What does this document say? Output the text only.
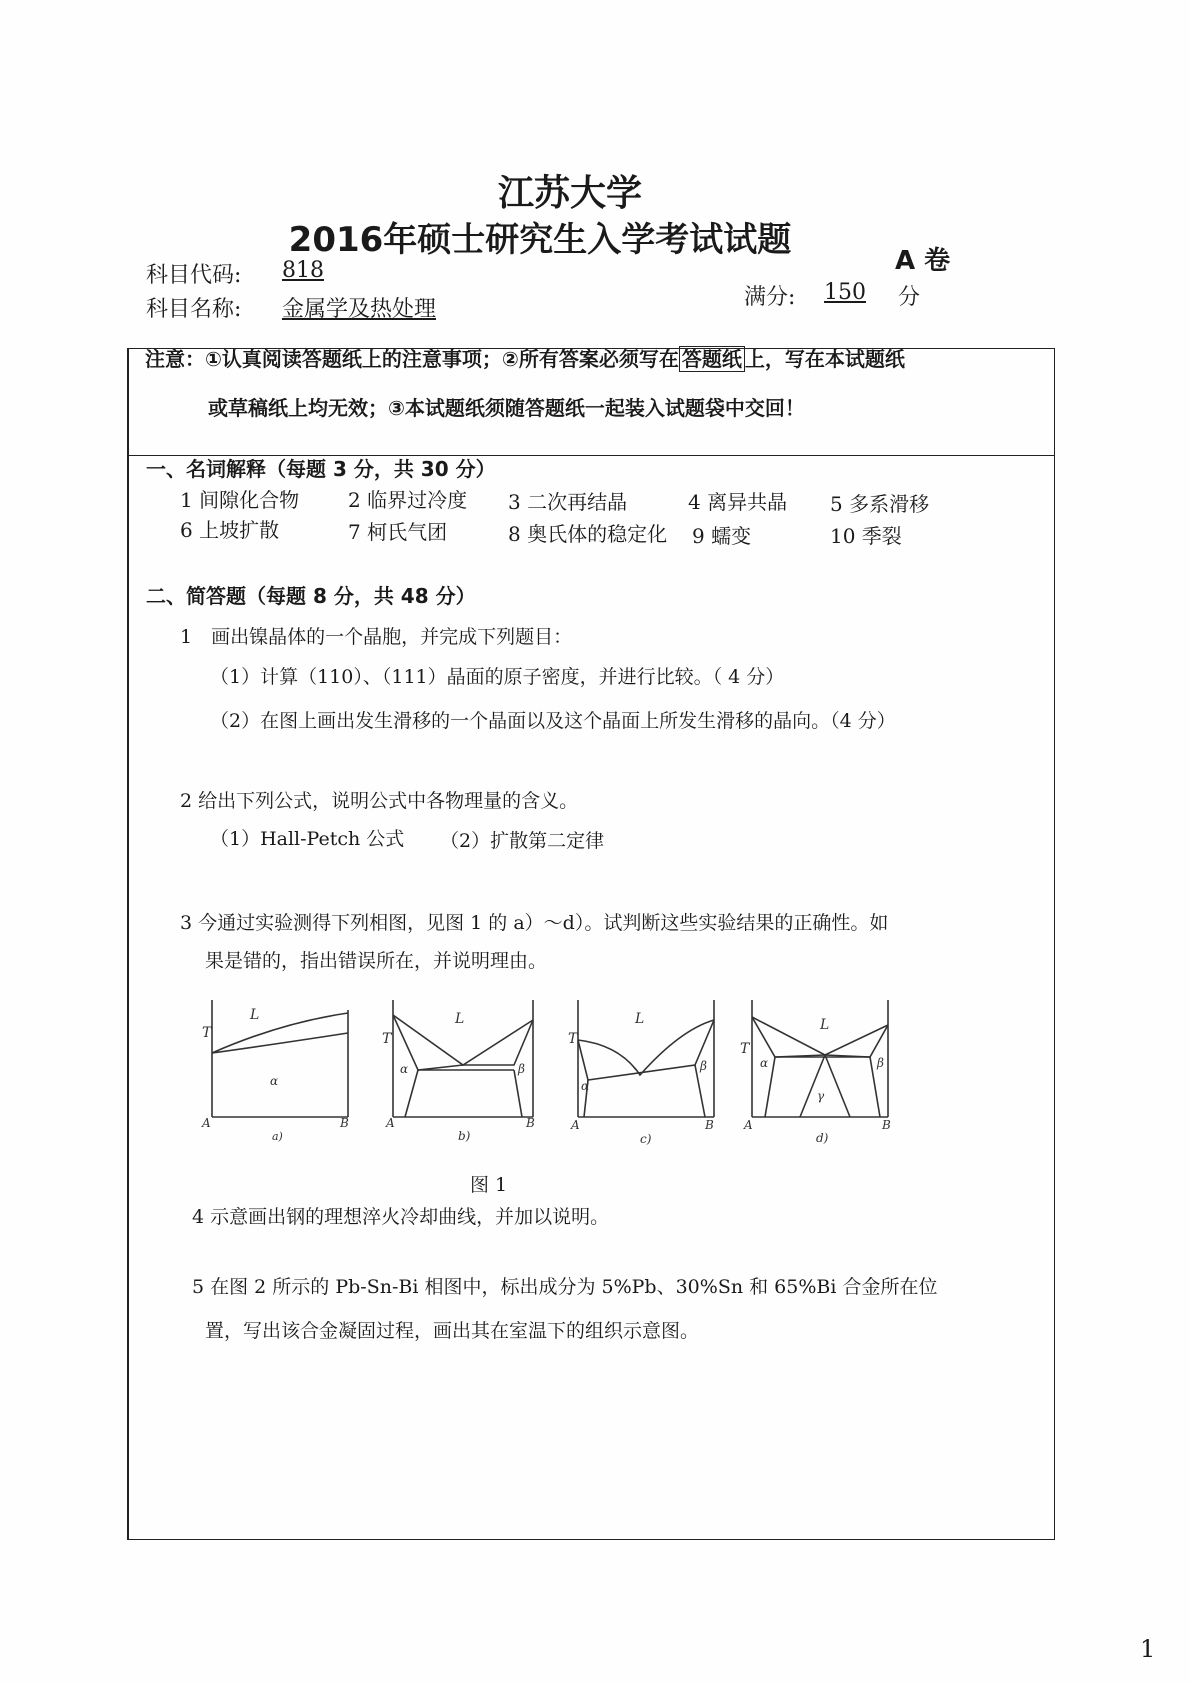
江苏大学
2016年硕士研究生入学考试试题
A 卷
科目代码: 818
科目名称: 金属学及热处理	满分: 150 分
注意：①认真阅读答题纸上的注意事项；②所有答案必须写在 答题纸 上，写在本试题纸
或草稿纸上均无效；③本试题纸须随答题纸一起装入试题袋中交回！
一、名词解释（每题 3 分，共 30 分）
1 间隙化合物 2 临界过冷度 3 二次再结晶	4 离异共晶 5 多系滑移
6 上坡扩散	7 柯氏气团	8 奥氏体的稳定化 9 蠕变	10 季裂
二、简答题（每题 8 分，共 48 分）
1　画出镍晶体的一个晶胞，并完成下列题目：
（1）计算（110）、（111）晶面的原子密度，并进行比较。（ 4 分）
（2）在图上画出发生滑移的一个晶面以及这个晶面上所发生滑移的晶向。（4 分）
2 给出下列公式，说明公式中各物理量的含义。
（1）Hall-Petch 公式 （2）扩散第二定律
3 今通过实验测得下列相图，见图 1 的 a）～d）。试判断这些实验结果的正确性。如
果是错的，指出错误所在，并说明理由。
T
L
α
A	B
a)
T
L
α	β
A	B
b)
T
L
α
β
A	B
c)
T
L
α	β
γ
A	B
d)
图 1
4 示意画出钢的理想淬火冷却曲线，并加以说明。
5 在图 2 所示的 Pb-Sn-Bi 相图中，标出成分为 5%Pb、30%Sn 和 65%Bi 合金所在位
置，写出该合金凝固过程，画出其在室温下的组织示意图。
1
